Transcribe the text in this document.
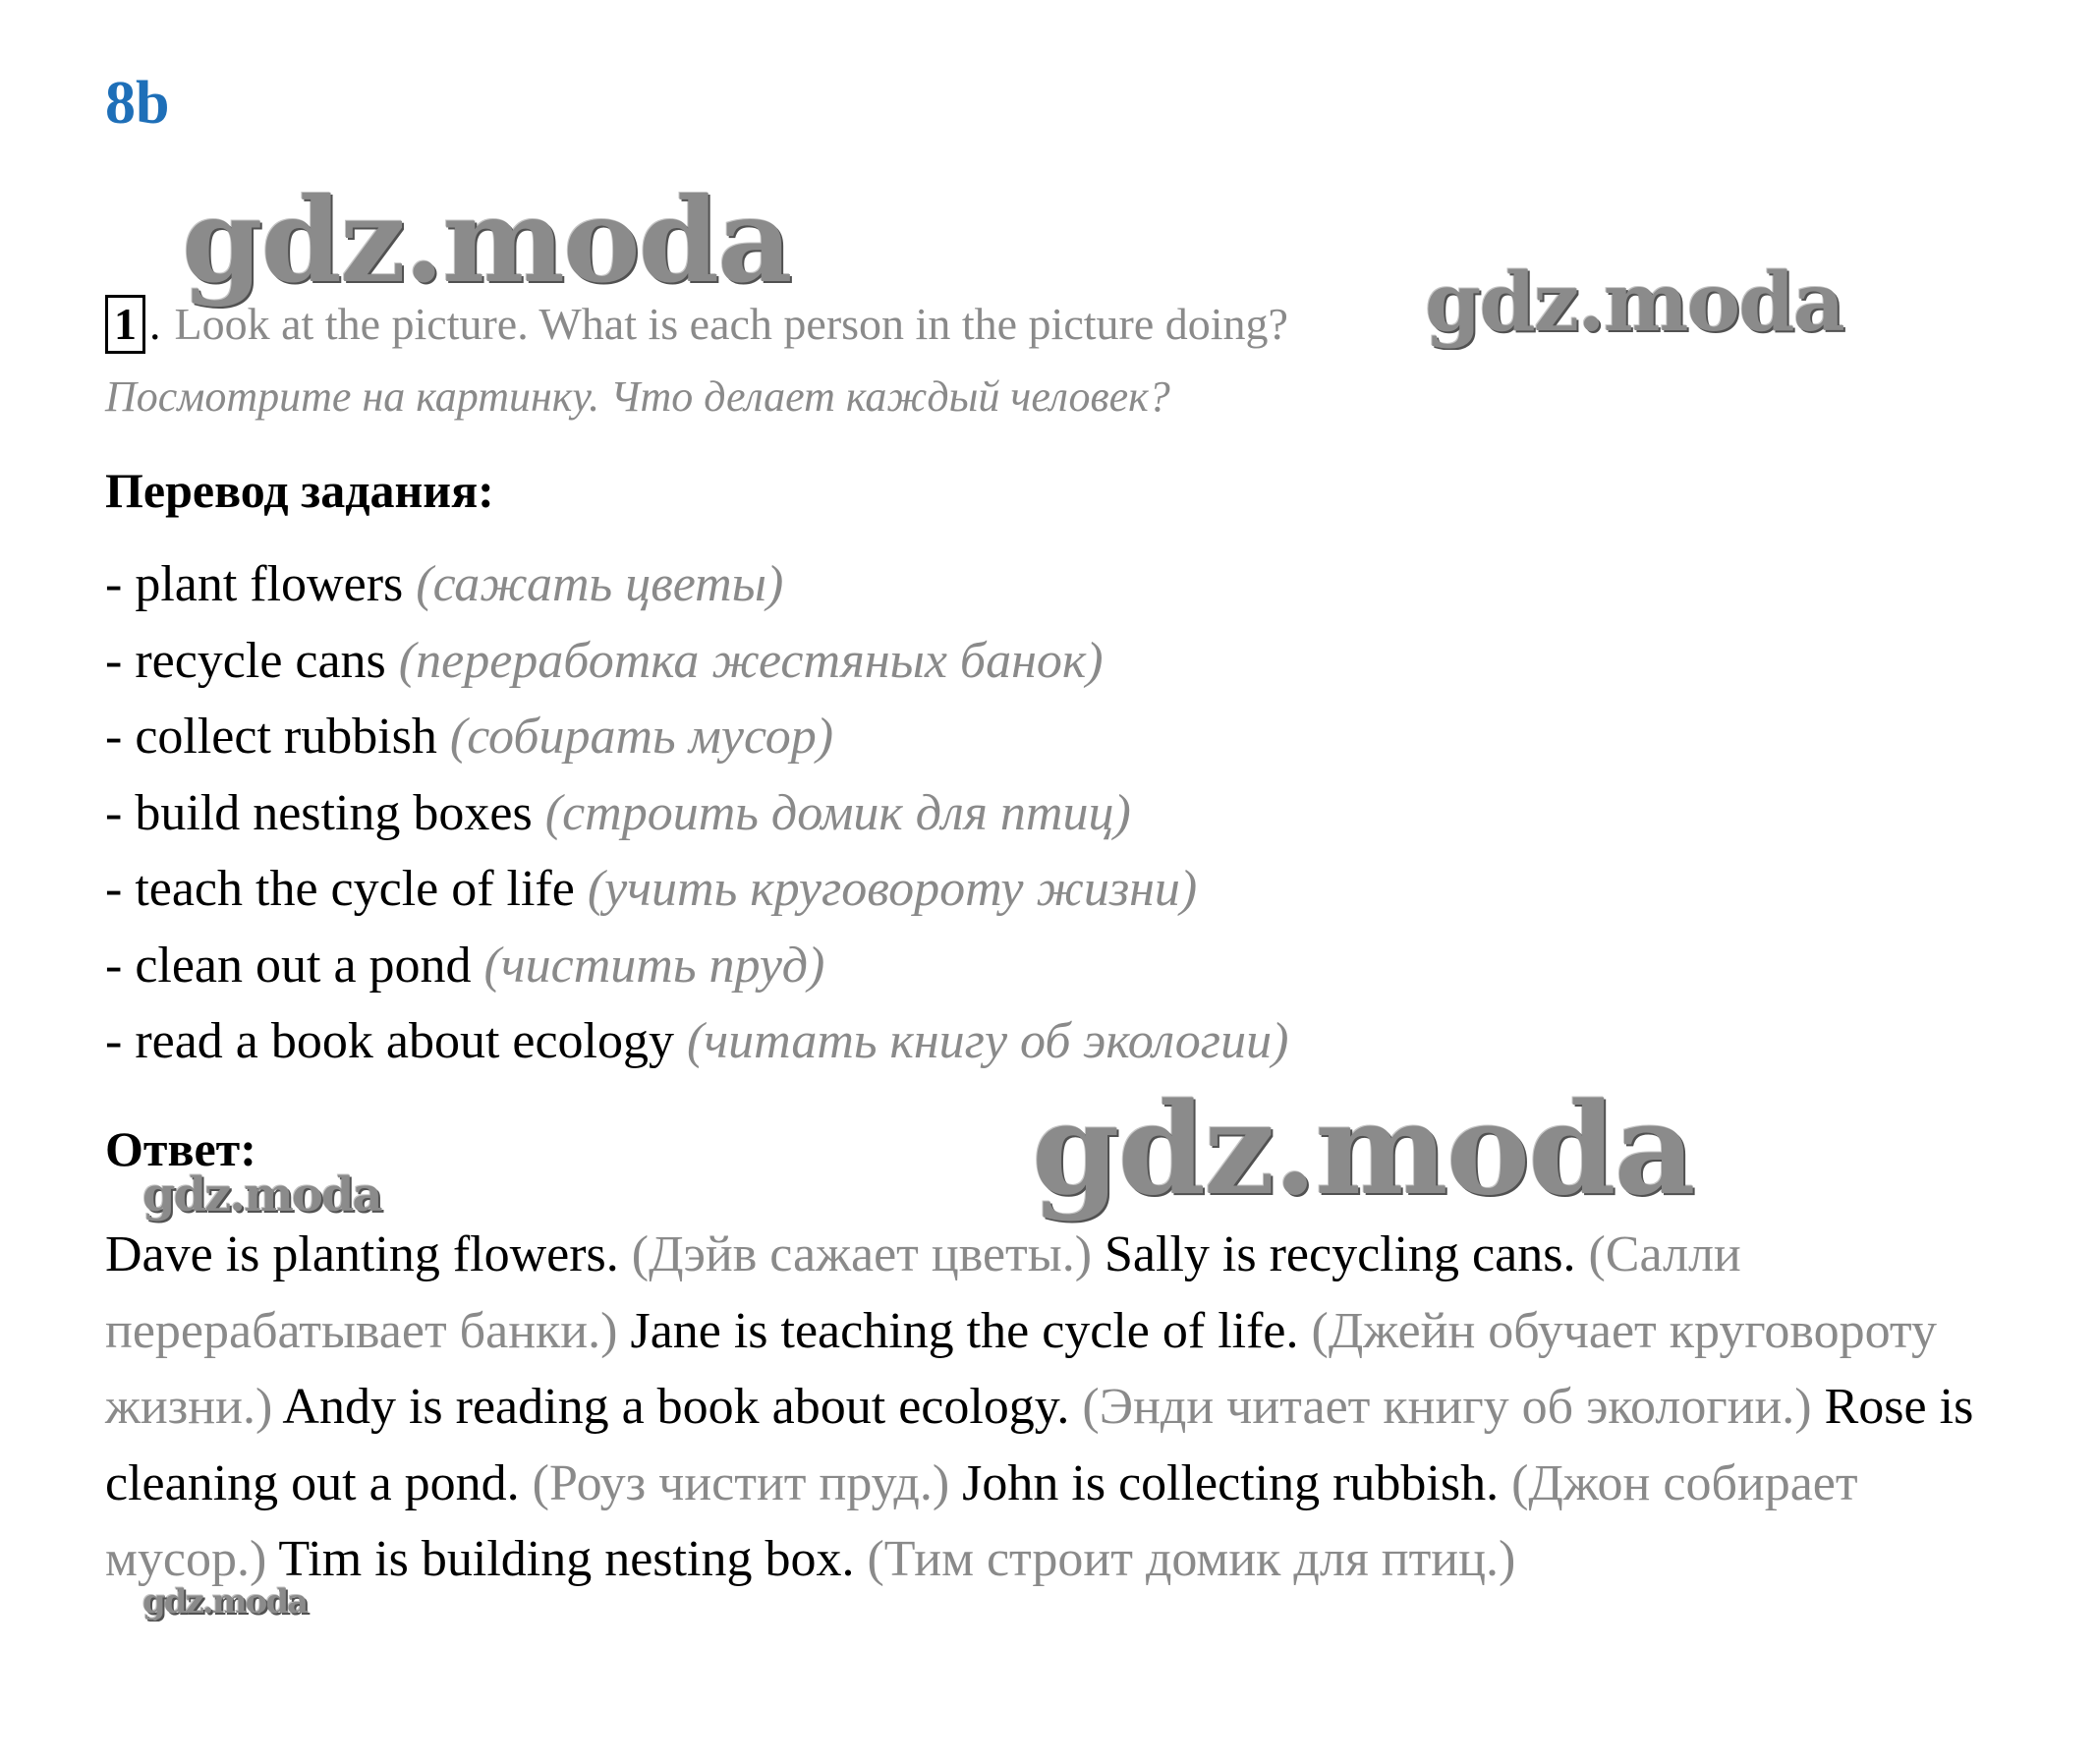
8b
gdz.moda	gdz.moda
gdz.moda
gdz.moda
gdz.moda
1 . Look at the picture. What is each person in the picture doing?
Посмотрите на картинку. Что делает каждый человек?
Перевод задания:
- plant flowers (сажать цветы)
- recycle cans (переработка жестяных банок)
- collect rubbish (собирать мусор)
- build nesting boxes (строить домик для птиц)
- teach the cycle of life (учить круговороту жизни)
- clean out a pond (чистить пруд)
- read a book about ecology (читать книгу об экологии)
Ответ:

Dave is planting flowers. (Дэйв сажает цветы.) Sally is recycling cans. (Салли перерабатывает банки.) Jane is teaching the cycle of life. (Джейн обучает круговороту жизни.) Andy is reading a book about ecology. (Энди читает книгу об экологии.) Rose is cleaning out a pond. (Роуз чистит пруд.) John is collecting rubbish. (Джон собирает мусор.) Tim is building nesting box. (Тим строит домик для птиц.)
